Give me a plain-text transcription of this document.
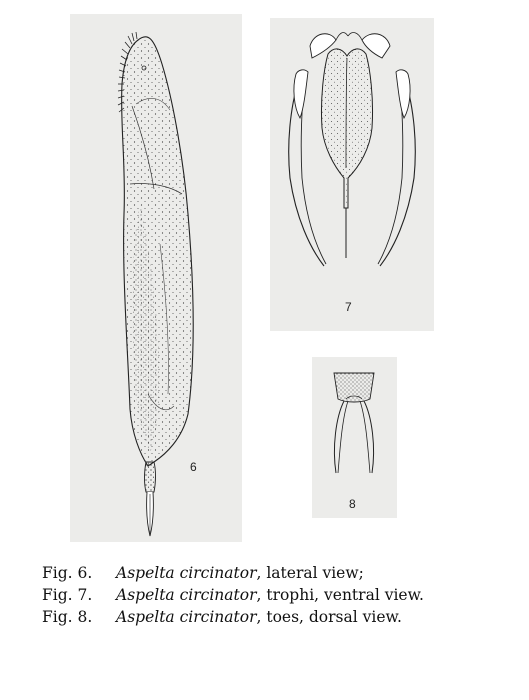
6
7
8
Fig. 6. Aspelta circinator, lateral view;
Fig. 7. Aspelta circinator, trophi, ventral view.
Fig. 8. Aspelta circinator, toes, dorsal view.
